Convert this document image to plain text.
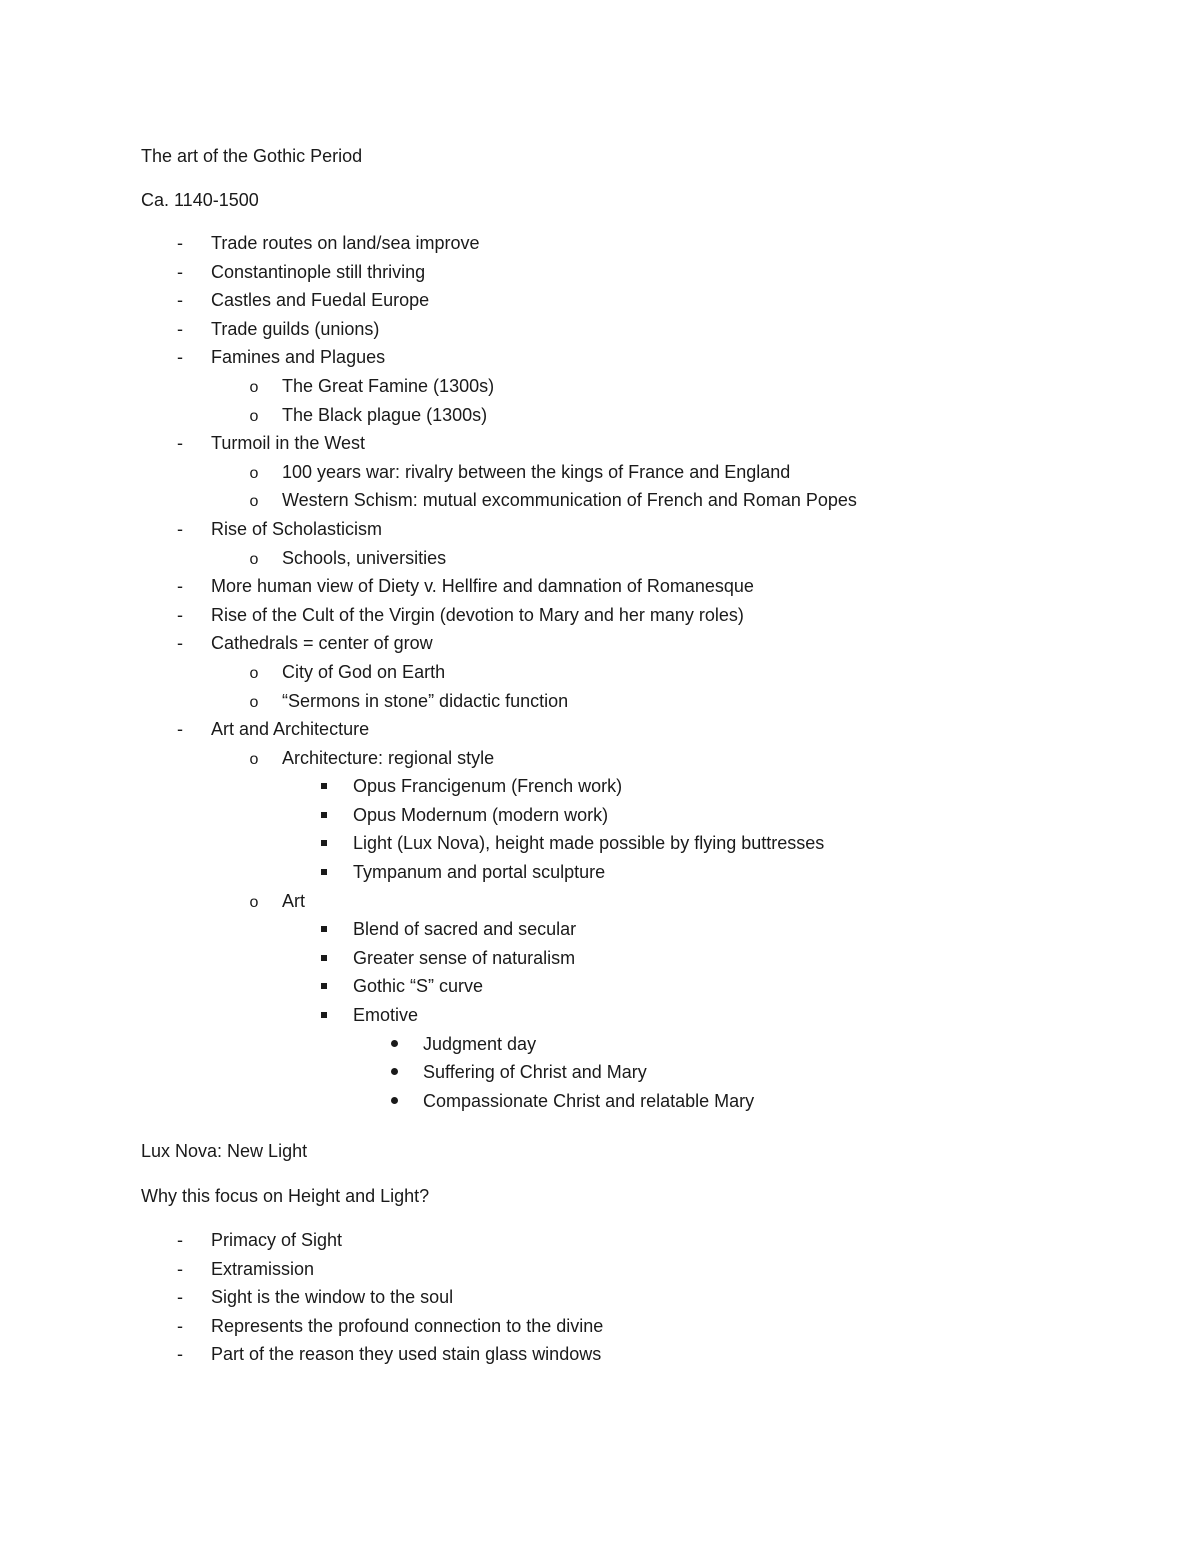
The art of the Gothic Period
Ca. 1140-1500
-
Trade routes on land/sea improve
-
Constantinople still thriving
-
Castles and Fuedal Europe
-
Trade guilds (unions)
-
Famines and Plagues
o
The Great Famine (1300s)
o
The Black plague (1300s)
-
Turmoil in the West
o
100 years war: rivalry between the kings of France and England
o
Western Schism: mutual excommunication of French and Roman Popes
-
Rise of Scholasticism
o
Schools, universities
-
More human view of Diety v. Hellfire and damnation of Romanesque
-
Rise of the Cult of the Virgin (devotion to Mary and her many roles)
-
Cathedrals = center of grow
o
City of God on Earth
o
“Sermons in stone” didactic function
-
Art and Architecture
o
Architecture: regional style
Opus Francigenum (French work)
Opus Modernum (modern work)
Light (Lux Nova), height made possible by flying buttresses
Tympanum and portal sculpture
o
Art
Blend of sacred and secular
Greater sense of naturalism
Gothic “S” curve
Emotive
Judgment day
Suffering of Christ and Mary
Compassionate Christ and relatable Mary
Lux Nova: New Light
Why this focus on Height and Light?
-
Primacy of Sight
-
Extramission
-
Sight is the window to the soul
-
Represents the profound connection to the divine
-
Part of the reason they used stain glass windows
